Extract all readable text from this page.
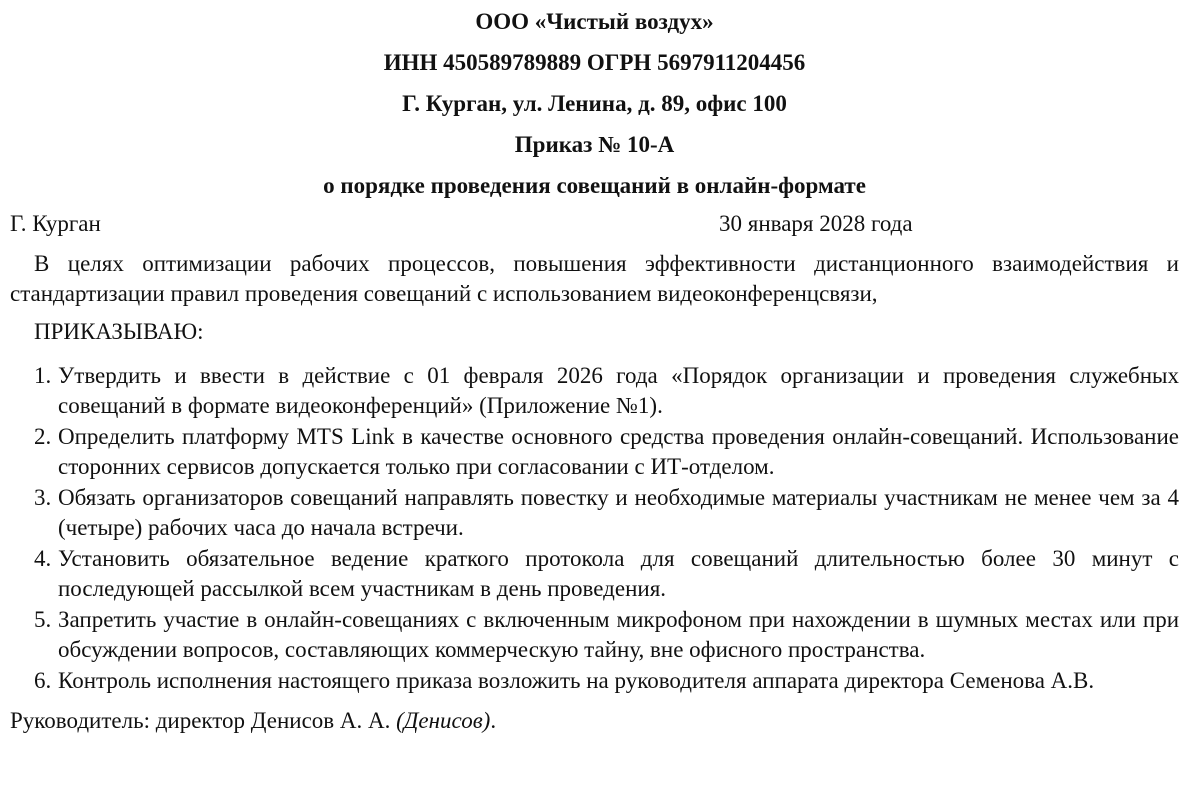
ООО «Чистый воздух»

ИНН 450589789889 ОГРН 5697911204456

Г. Курган, ул. Ленина, д. 89, офис 100

Приказ № 10-А

о порядке проведения совещаний в онлайн-формате

Г. Курган	30 января 2028 года

В целях оптимизации рабочих процессов, повышения эффективности дистанционного взаимодействия и стандартизации правил проведения совещаний с использованием видеоконференцсвязи,

ПРИКАЗЫВАЮ:
1. Утвердить и ввести в действие с 01 февраля 2026 года «Порядок организации и проведения служебных совещаний в формате видеоконференций» (Приложение №1).
2. Определить платформу MTS Link в качестве основного средства проведения онлайн-совещаний. Использование сторонних сервисов допускается только при согласовании с ИТ-отделом.
3. Обязать организаторов совещаний направлять повестку и необходимые материалы участникам не менее чем за 4 (четыре) рабочих часа до начала встречи.
4. Установить обязательное ведение краткого протокола для совещаний длительностью более 30 минут с последующей рассылкой всем участникам в день проведения.
5. Запретить участие в онлайн-совещаниях с включенным микрофоном при нахождении в шумных местах или при обсуждении вопросов, составляющих коммерческую тайну, вне офисного пространства.
6. Контроль исполнения настоящего приказа возложить на руководителя аппарата директора Семенова А.В.
Руководитель: директор Денисов А. А. (Денисов).
